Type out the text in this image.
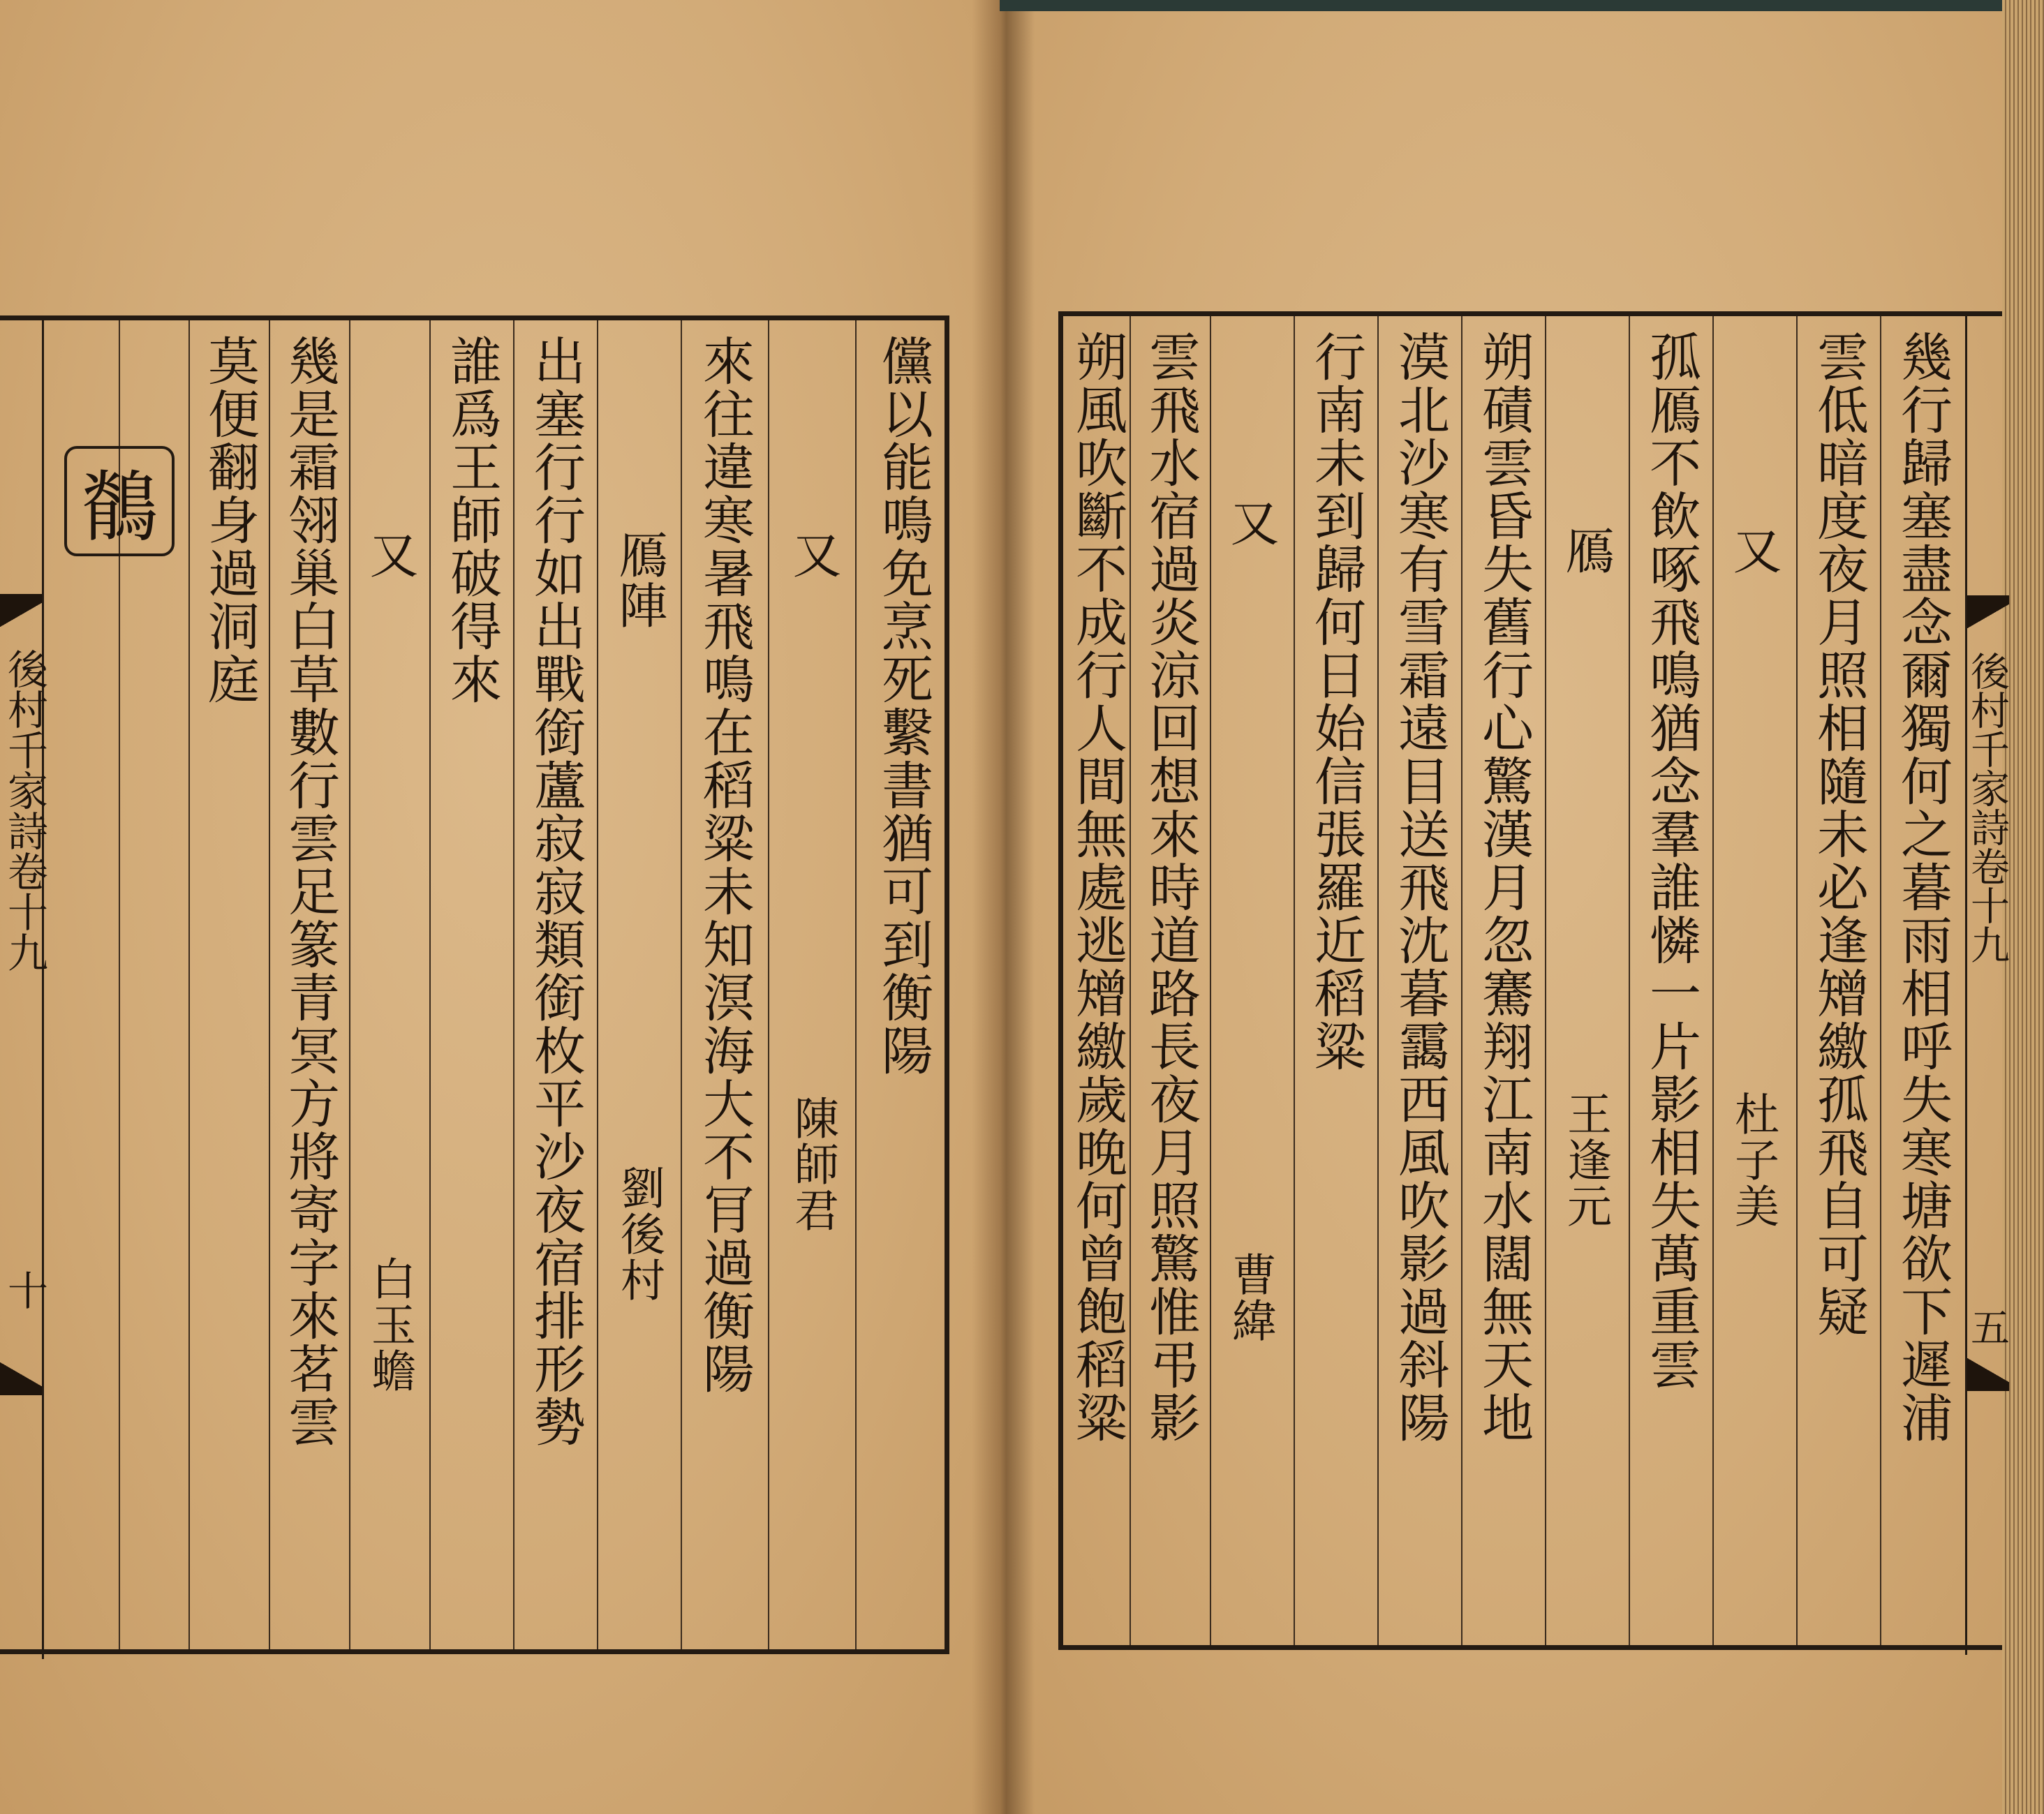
後村千家詩卷十九
十
鶺	儻以能鳴免烹死繫書猶可到衡陽
又
陳師君
來往違寒暑飛鳴在稻粱未知溟海大不肎過衡陽
鴈陣
劉後村
出塞行行如出戰銜蘆寂寂類銜枚平沙夜宿排形勢
誰爲王師破得來
又
白玉蟾
幾是霜翎巢白草數行雲足篆青冥方將寄字來茗雲
莫便翻身過洞庭
後村千家詩卷十九
五
幾行歸塞盡念爾獨何之暮雨相呼失寒塘欲下遲浦
雲低暗度夜月照相隨未必逢矰繳孤飛自可疑
又
杜子美
孤鴈不飲啄飛鳴猶念羣誰憐一片影相失萬重雲
鴈
王逢元
朔磧雲昏失舊行心驚漢月忽騫翔江南水闊無天地
漠北沙寒有雪霜遠目送飛沈暮靄西風吹影過斜陽
行南未到歸何日始信張羅近稻粱
又
曹緯
雲飛水宿過炎涼回想來時道路長夜月照驚惟弔影
朔風吹斷不成行人間無處逃矰繳歲晚何曾飽稻粱
